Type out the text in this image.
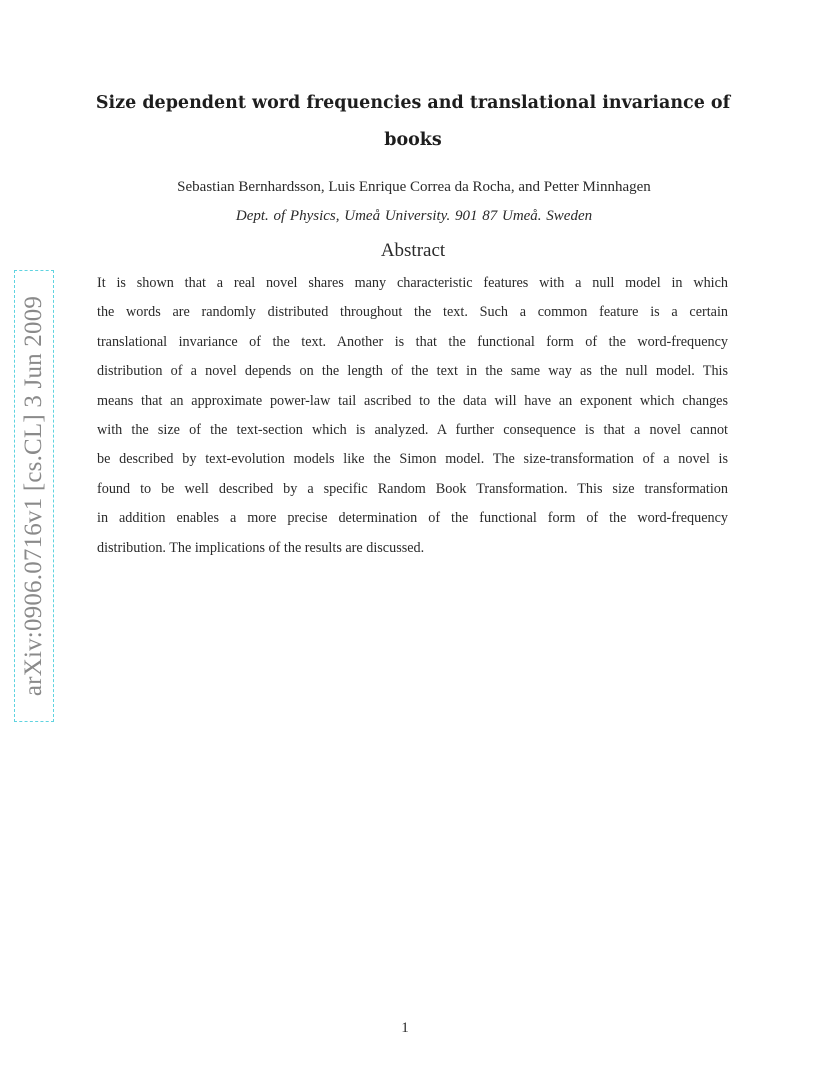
arXiv:0906.0716v1 [cs.CL] 3 Jun 2009
Size dependent word frequencies and translational invariance of
books
Sebastian Bernhardsson, Luis Enrique Correa da Rocha, and Petter Minnhagen
Dept. of Physics, Umeå University. 901 87 Umeå. Sweden
Abstract
It is shown that a real novel shares many characteristic features with a null model in which
the words are randomly distributed throughout the text. Such a common feature is a certain
translational invariance of the text. Another is that the functional form of the word-frequency
distribution of a novel depends on the length of the text in the same way as the null model. This
means that an approximate power-law tail ascribed to the data will have an exponent which changes
with the size of the text-section which is analyzed. A further consequence is that a novel cannot
be described by text-evolution models like the Simon model. The size-transformation of a novel is
found to be well described by a specific Random Book Transformation. This size transformation
in addition enables a more precise determination of the functional form of the word-frequency
distribution. The implications of the results are discussed.
1
